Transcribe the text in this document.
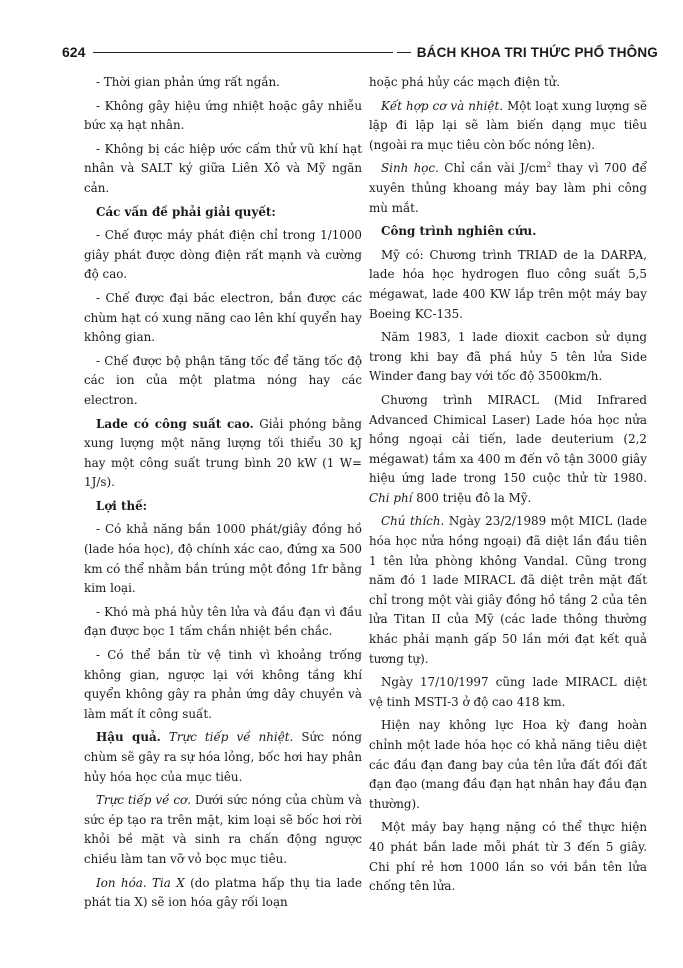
624	BÁCH KHOA TRI THỨC PHỔ THÔNG

- Thời gian phản ứng rất ngắn.

- Không gây hiệu ứng nhiệt hoặc gây nhiễu bức xạ hạt nhân.

- Không bị các hiệp ước cấm thử vũ khí hạt nhân và SALT ký giữa Liên Xô và Mỹ ngăn cản.

Các vấn đề phải giải quyết:

- Chế được máy phát điện chỉ trong 1/1000 giây phát được dòng điện rất mạnh và cường độ cao.

- Chế được đại bác electron, bắn được các chùm hạt có xung năng cao lên khí quyển hay không gian.

- Chế được bộ phận tăng tốc để tăng tốc độ các ion của một platma nóng hay các electron.

Lade có công suất cao. Giải phóng bằng xung lượng một năng lượng tối thiểu 30 kJ hay một công suất trung bình 20 kW (1 W= 1J/s).

Lợi thế:

- Có khả năng bắn 1000 phát/giây đồng hồ (lade hóa học), độ chính xác cao, đứng xa 500 km có thể nhằm bắn trúng một đồng 1fr bằng kim loại.

- Khó mà phá hủy tên lửa và đầu đạn vì đầu đạn được bọc 1 tấm chắn nhiệt bền chắc.

- Có thể bắn từ vệ tinh vì khoảng trống không gian, ngược lại với không tầng khí quyển không gây ra phản ứng dây chuyền và làm mất ít công suất.

Hậu quả. Trực tiếp về nhiệt. Sức nóng chùm sẽ gây ra sự hóa lỏng, bốc hơi hay phân hủy hóa học của mục tiêu.

Trực tiếp về cơ. Dưới sức nóng của chùm và sức ép tạo ra trên mặt, kim loại sẽ bốc hơi rời khỏi bề mặt và sinh ra chấn động ngược chiều làm tan vỡ vỏ bọc mục tiêu.

Ion hóa. Tia X (do platma hấp thụ tia lade phát tia X) sẽ ion hóa gây rối loạn

hoặc phá hủy các mạch điện tử.

Kết hợp cơ và nhiệt. Một loạt xung lượng sẽ lặp đi lặp lại sẽ làm biến dạng mục tiêu (ngoài ra mục tiêu còn bốc nóng lên).

Sinh học. Chỉ cần vài $J/cm^2$ thay vì 700 để xuyên thủng khoang máy bay làm phi công mù mắt.

Công trình nghiên cứu.

Mỹ có: Chương trình TRIAD de la DARPA, lade hóa học hydrogen fluo công suất 5,5 mégawat, lade 400 KW lắp trên một máy bay Boeing KC-135.

Năm 1983, 1 lade dioxit cacbon sử dụng trong khi bay đã phá hủy 5 tên lửa Side Winder đang bay với tốc độ 3500km/h.

Chương trình MIRACL (Mid Infrared Advanced Chimical Laser) Lade hóa học nửa hồng ngoại cải tiến, lade deuterium (2,2 mégawat) tầm xa 400 m đến vô tận 3000 giây hiệu ứng lade trong 150 cuộc thử từ 1980. Chi phí 800 triệu đô la Mỹ.

Chú thích. Ngày 23/2/1989 một MICL (lade hóa học nửa hồng ngoại) đã diệt lần đầu tiên 1 tên lửa phòng không Vandal. Cũng trong năm đó 1 lade MIRACL đã diệt trên mặt đất chỉ trong một vài giây đồng hồ tầng 2 của tên lửa Titan II của Mỹ (các lade thông thường khác phải mạnh gấp 50 lần mới đạt kết quả tương tự).

Ngày 17/10/1997 cũng lade MIRACL diệt vệ tinh MSTI-3 ở độ cao 418 km.

Hiện nay không lực Hoa kỳ đang hoàn chỉnh một lade hóa học có khả năng tiêu diệt các đầu đạn đang bay của tên lửa đất đối đất đạn đạo (mang đầu đạn hạt nhân hay đầu đạn thường).

Một máy bay hạng nặng có thể thực hiện 40 phát bắn lade mỗi phát từ 3 đến 5 giây. Chi phí rẻ hơn 1000 lần so với bắn tên lửa chống tên lửa.
